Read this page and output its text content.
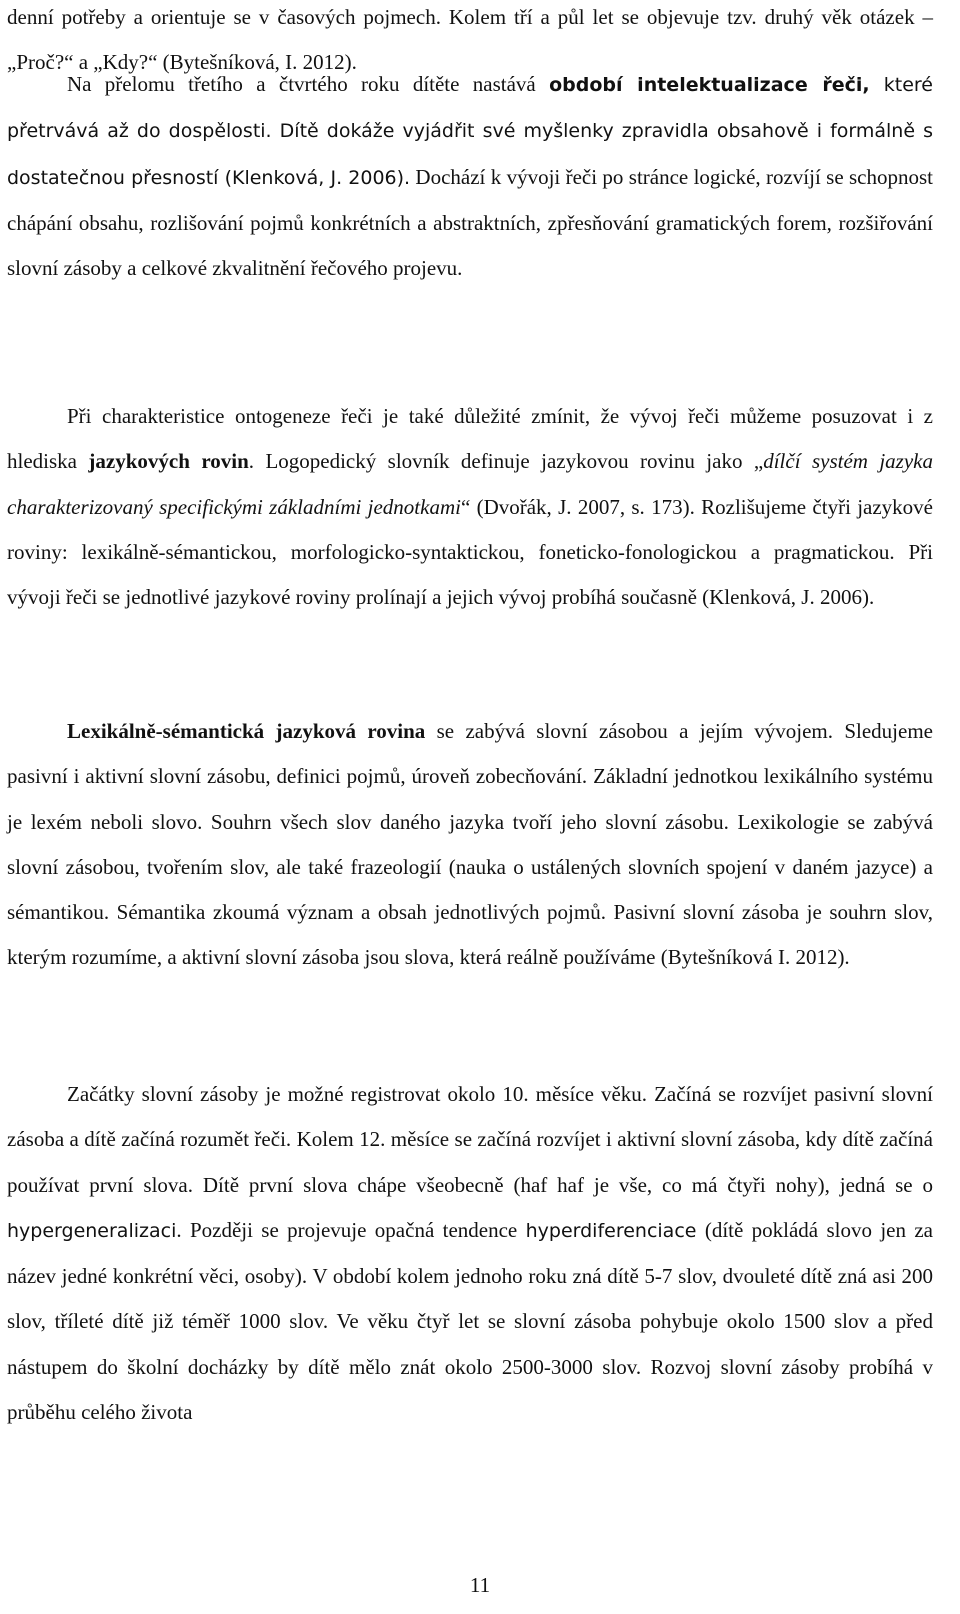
denní potřeby a orientuje se v časových pojmech. Kolem tří a půl let se objevuje tzv. druhý věk otázek – „Proč?“ a „Kdy?“ (Bytešníková, I. 2012).

Na přelomu třetího a čtvrtého roku dítěte nastává období intelektualizace řeči, které přetrvává až do dospělosti. Dítě dokáže vyjádřit své myšlenky zpravidla obsahově i formálně s dostatečnou přesností (Klenková, J. 2006). Dochází k vývoji řeči po stránce logické, rozvíjí se schopnost chápání obsahu, rozlišování pojmů konkrétních a abstraktních, zpřesňování gramatických forem, rozšiřování slovní zásoby a celkové zkvalitnění řečového projevu.

Při charakteristice ontogeneze řeči je také důležité zmínit, že vývoj řeči můžeme posuzovat i z hlediska jazykových rovin. Logopedický slovník definuje jazykovou rovinu jako „dílčí systém jazyka charakterizovaný specifickými základními jednotkami“ (Dvořák, J. 2007, s. 173). Rozlišujeme čtyři jazykové roviny: lexikálně-sémantickou, morfologicko-syntaktickou, foneticko-fonologickou a pragmatickou. Při vývoji řeči se jednotlivé jazykové roviny prolínají a jejich vývoj probíhá současně (Klenková, J. 2006).

Lexikálně-sémantická jazyková rovina se zabývá slovní zásobou a jejím vývojem. Sledujeme pasivní i aktivní slovní zásobu, definici pojmů, úroveň zobecňování. Základní jednotkou lexikálního systému je lexém neboli slovo. Souhrn všech slov daného jazyka tvoří jeho slovní zásobu. Lexikologie se zabývá slovní zásobou, tvořením slov, ale také frazeologií (nauka o ustálených slovních spojení v daném jazyce) a sémantikou. Sémantika zkoumá význam a obsah jednotlivých pojmů. Pasivní slovní zásoba je souhrn slov, kterým rozumíme, a aktivní slovní zásoba jsou slova, která reálně používáme (Bytešníková I. 2012).

Začátky slovní zásoby je možné registrovat okolo 10. měsíce věku. Začíná se rozvíjet pasivní slovní zásoba a dítě začíná rozumět řeči. Kolem 12. měsíce se začíná rozvíjet i aktivní slovní zásoba, kdy dítě začíná používat první slova. Dítě první slova chápe všeobecně (haf haf je vše, co má čtyři nohy), jedná se o hypergeneralizaci. Později se projevuje opačná tendence hyperdiferenciace (dítě pokládá slovo jen za název jedné konkrétní věci, osoby). V období kolem jednoho roku zná dítě 5-7 slov, dvouleté dítě zná asi 200 slov, tříleté dítě již téměř 1000 slov. Ve věku čtyř let se slovní zásoba pohybuje okolo 1500 slov a před nástupem do školní docházky by dítě mělo znát okolo 2500-3000 slov. Rozvoj slovní zásoby probíhá v průběhu celého života

11
